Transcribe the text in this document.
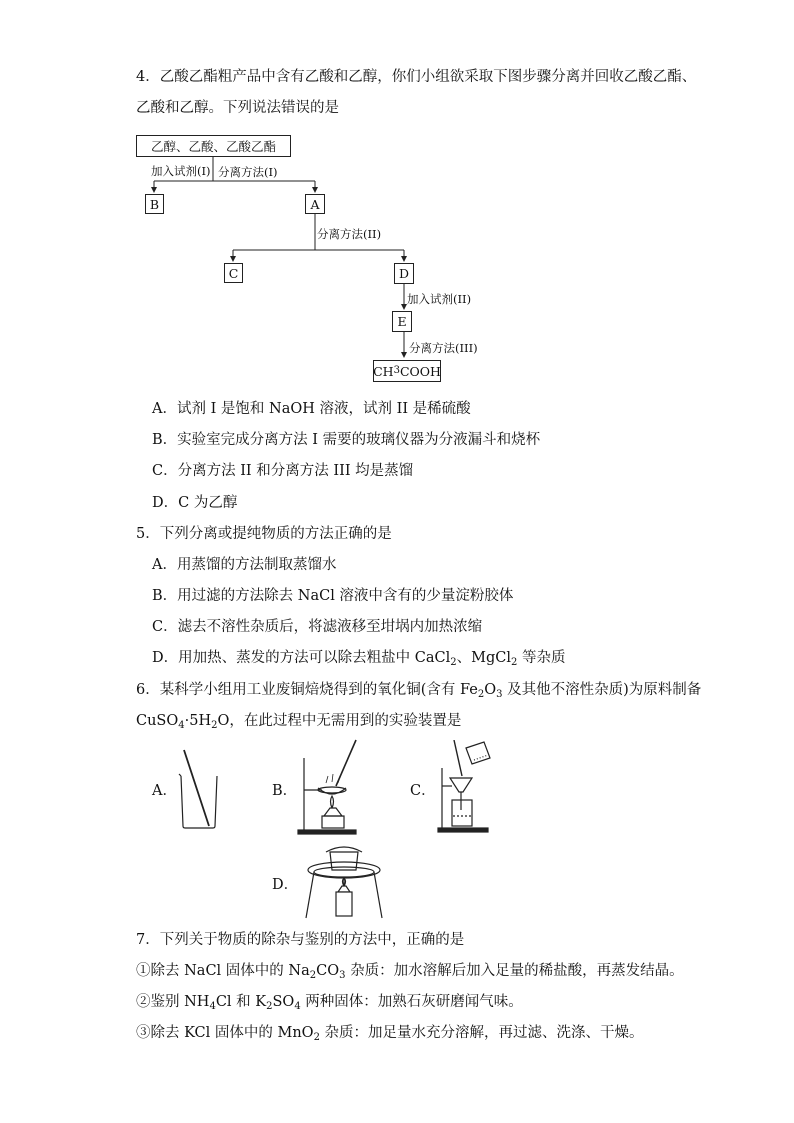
4．乙酸乙酯粗产品中含有乙酸和乙醇，你们小组欲采取下图步骤分离并回收乙酸乙酯、
乙酸和乙醇。下列说法错误的是
乙醇、乙酸、乙酸乙酯
加入试剂(I) 分离方法(I)
B	A
分离方法(II)
C	D
加入试剂(II)
E
分离方法(III)
CH 3 COOH
A．试剂 I 是饱和 NaOH 溶液，试剂 II 是稀硫酸
B．实验室完成分离方法 I 需要的玻璃仪器为分液漏斗和烧杯
C．分离方法 II 和分离方法 III 均是蒸馏
D．C 为乙醇
5．下列分离或提纯物质的方法正确的是
A．用蒸馏的方法制取蒸馏水
B．用过滤的方法除去 NaCl 溶液中含有的少量淀粉胶体
C．滤去不溶性杂质后，将滤液移至坩埚内加热浓缩
D．用加热、蒸发的方法可以除去粗盐中 CaCl$_2$、MgCl$_2$ 等杂质
6．某科学小组用工业废铜焙烧得到的氧化铜(含有 $Fe_2O_3$ 及其他不溶性杂质)为原料制备
$CuSO_4\cdot 5H_2O$，在此过程中无需用到的实验装置是
A．	B．	C．
D．
7．下列关于物质的除杂与鉴别的方法中，正确的是
①除去 NaCl 固体中的 $Na_2CO_3$ 杂质：加水溶解后加入足量的稀盐酸，再蒸发结晶。
②鉴别 $NH_4Cl$ 和 $K_2SO_4$ 两种固体：加熟石灰研磨闻气味。
③除去 KCl 固体中的 MnO$_2$ 杂质：加足量水充分溶解，再过滤、洗涤、干燥。
